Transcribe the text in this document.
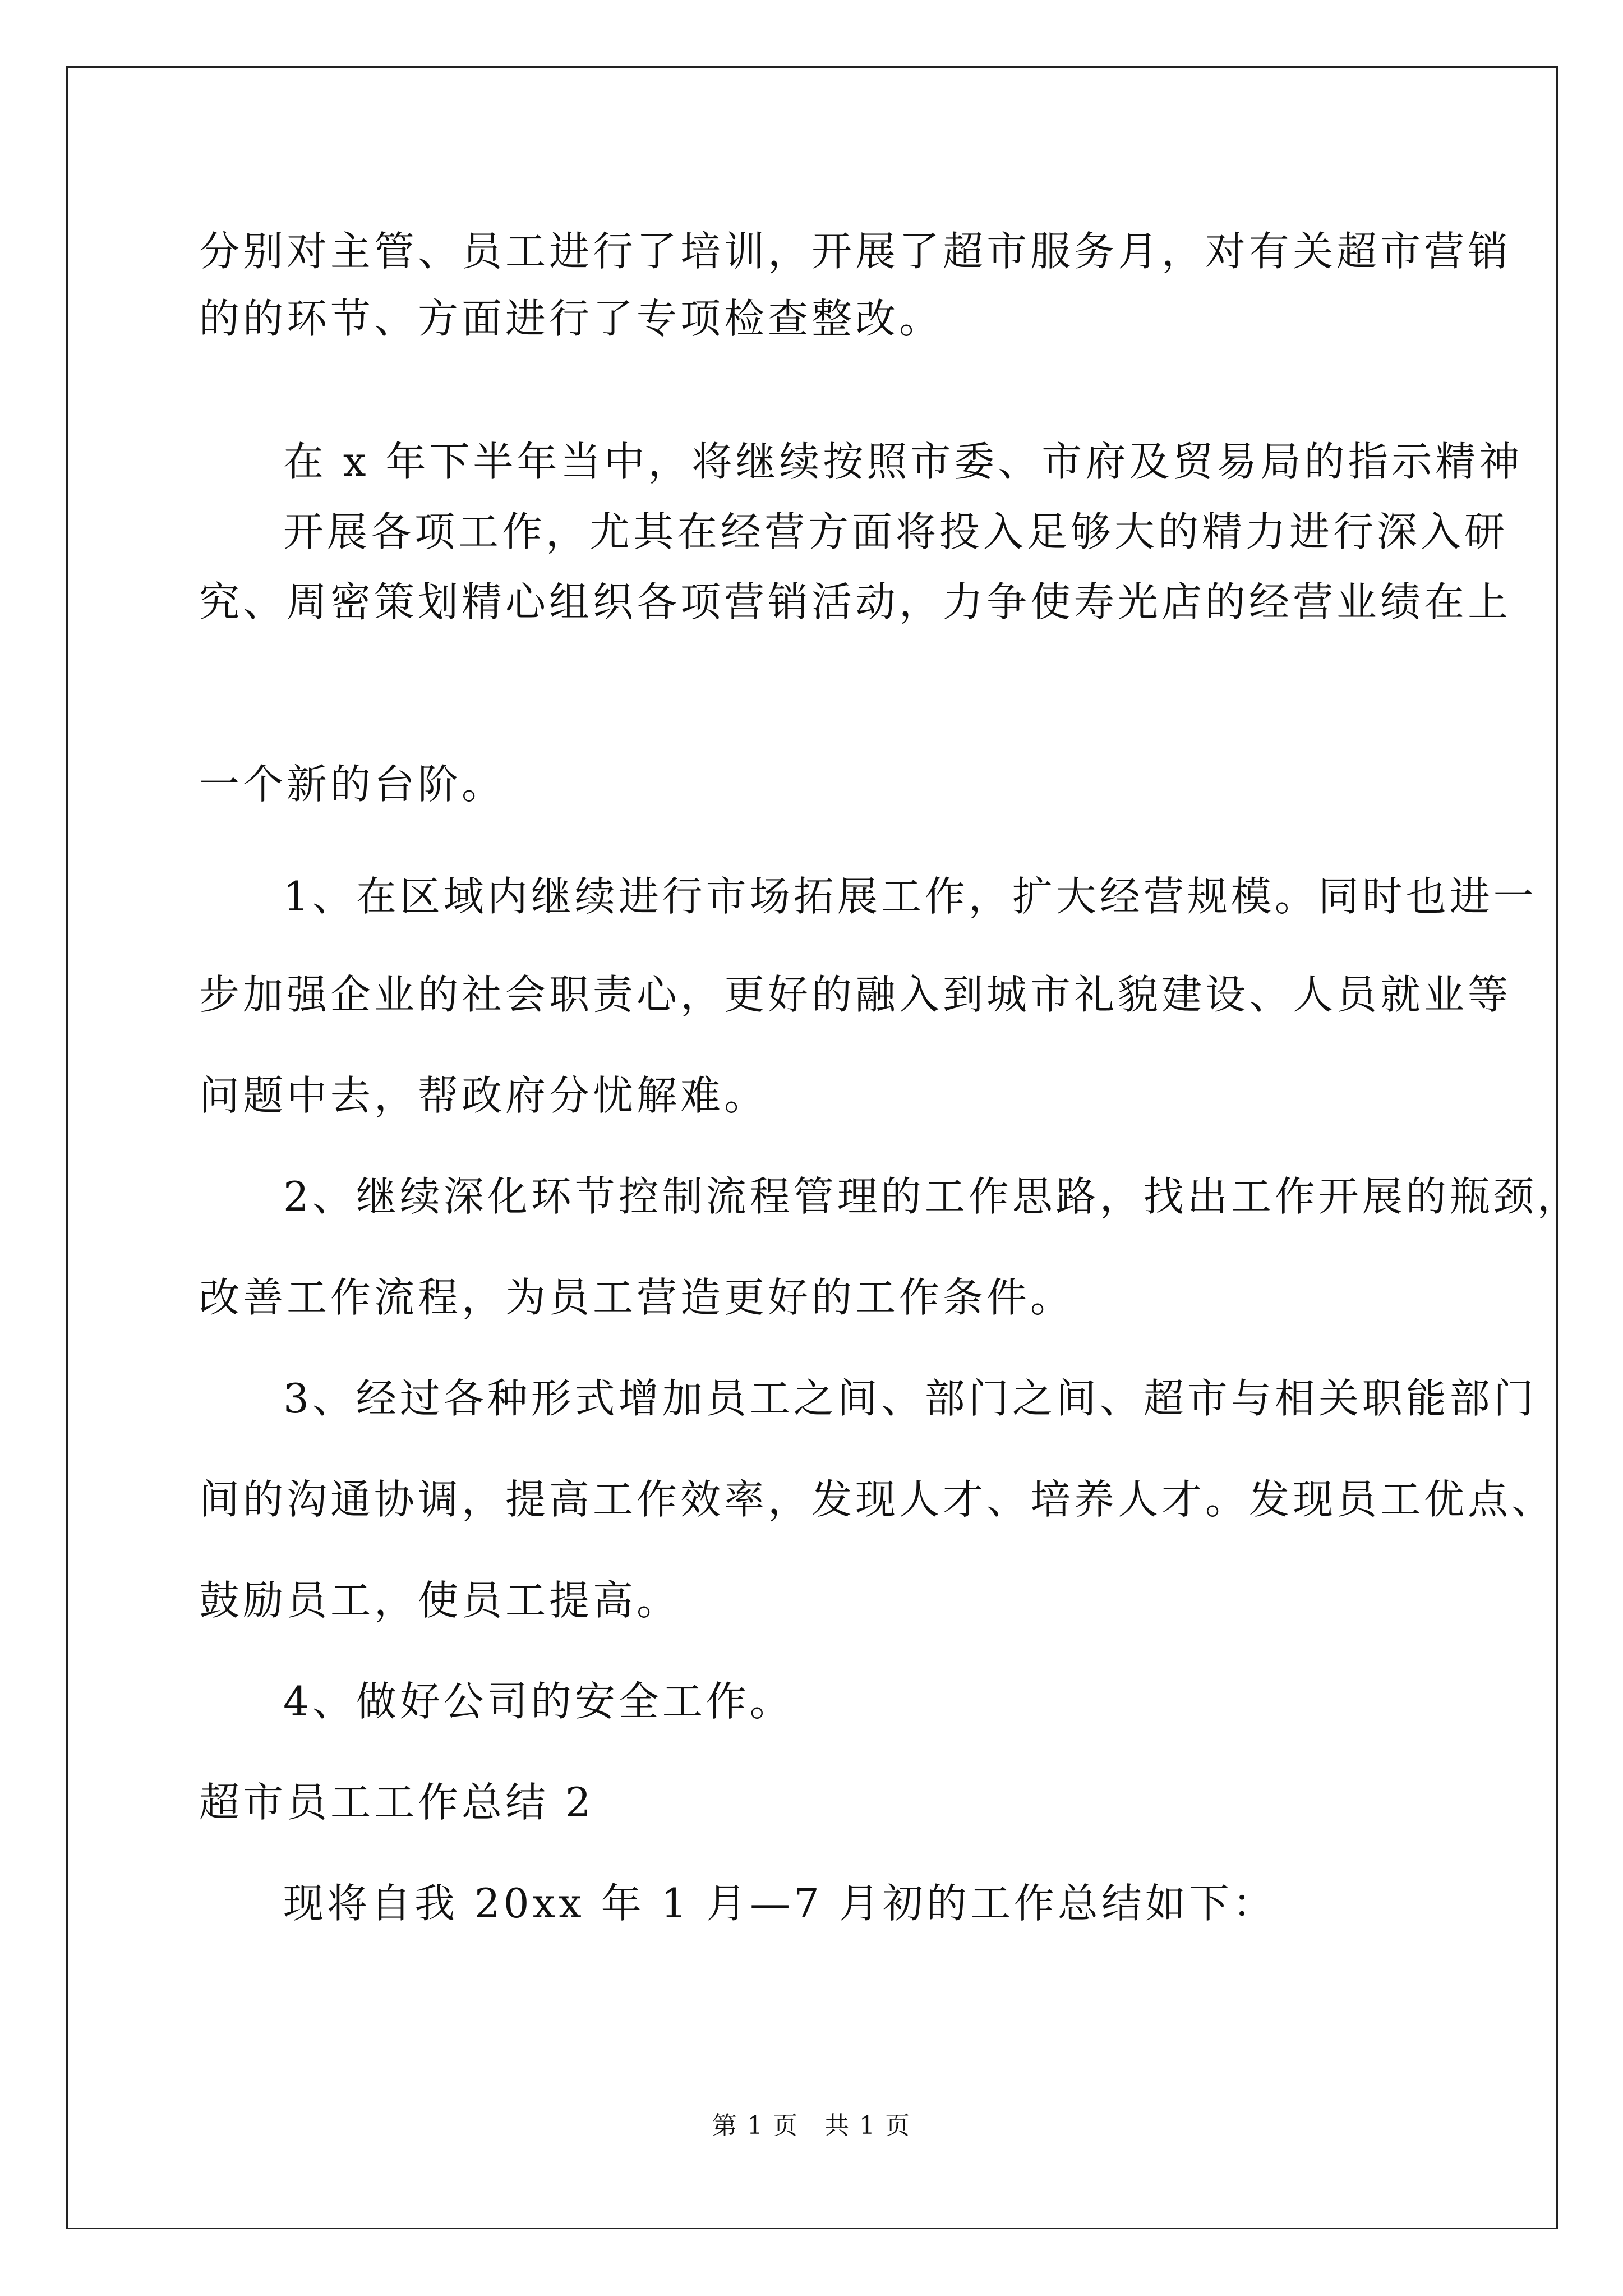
分别对主管、员工进行了培训，开展了超市服务月，对有关超市营销
的的环节、方面进行了专项检查整改。
在 x 年下半年当中，将继续按照市委、市府及贸易局的指示精神
开展各项工作，尤其在经营方面将投入足够大的精力进行深入研
究、周密策划精心组织各项营销活动，力争使寿光店的经营业绩在上
一个新的台阶。
1、在区域内继续进行市场拓展工作，扩大经营规模。同时也进一
步加强企业的社会职责心，更好的融入到城市礼貌建设、人员就业等
问题中去，帮政府分忧解难。
2、继续深化环节控制流程管理的工作思路，找出工作开展的瓶颈，
改善工作流程，为员工营造更好的工作条件。
3、经过各种形式增加员工之间、部门之间、超市与相关职能部门
间的沟通协调，提高工作效率，发现人才、培养人才。发现员工优点、
鼓励员工，使员工提高。
4、做好公司的安全工作。
超市员工工作总结 2
现将自我 20xx 年 1 月—7 月初的工作总结如下：
第 1 页　共 1 页
